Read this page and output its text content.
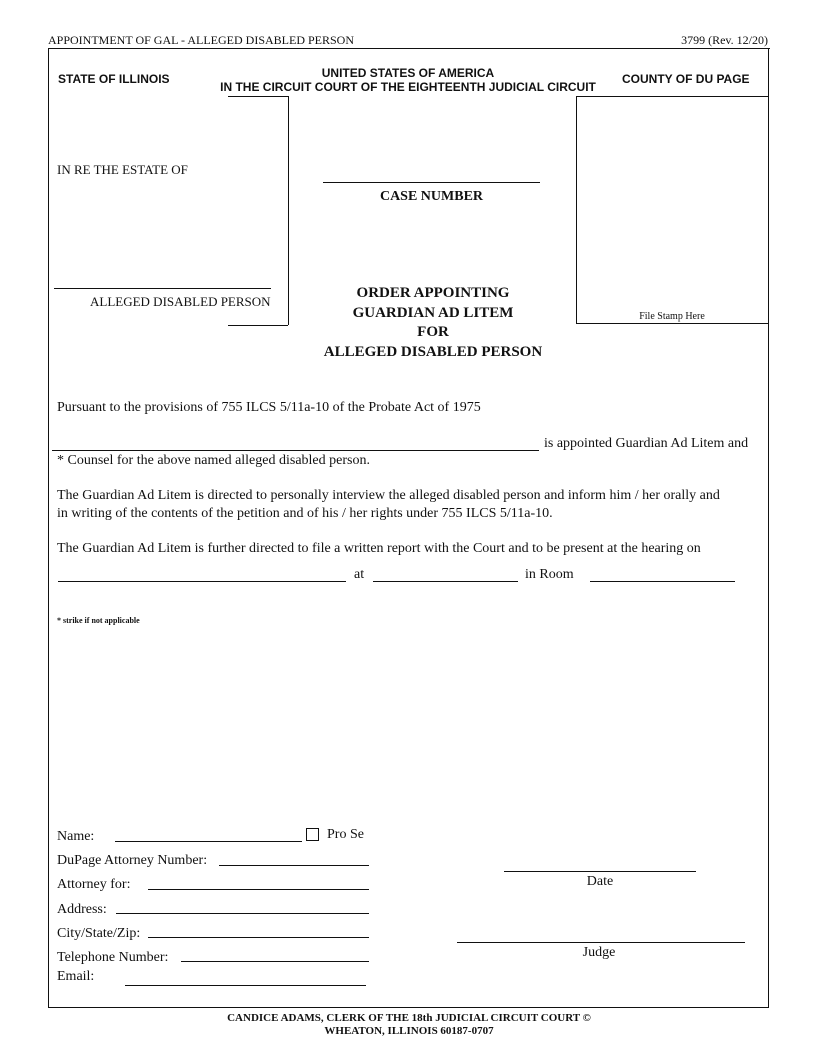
APPOINTMENT OF GAL - ALLEGED DISABLED PERSON	3799 (Rev. 12/20)
STATE OF ILLINOIS	UNITED STATES OF AMERICA
IN THE CIRCUIT COURT OF THE EIGHTEENTH JUDICIAL CIRCUIT
COUNTY OF DU PAGE
IN RE THE ESTATE OF
ALLEGED DISABLED PERSON
CASE NUMBER
File Stamp Here
ORDER APPOINTING
GUARDIAN AD LITEM
FOR
ALLEGED DISABLED PERSON
Pursuant to the provisions of 755 ILCS 5/11a-10 of the Probate Act of 1975
is appointed Guardian Ad Litem and
* Counsel for the above named alleged disabled person.
The Guardian Ad Litem is directed to personally interview the alleged disabled person and inform him / her orally and
in writing of the contents of the petition and of his / her rights under 755 ILCS 5/11a-10.
The Guardian Ad Litem is further directed to file a written report with the Court and to be present at the hearing on
at	in Room
* strike if not applicable
Name:	Pro Se
DuPage Attorney Number:
Attorney for:
Address:
City/State/Zip:
Telephone Number:
Email:
Date
Judge
CANDICE ADAMS, CLERK OF THE 18th JUDICIAL CIRCUIT COURT ©
WHEATON, ILLINOIS 60187-0707
